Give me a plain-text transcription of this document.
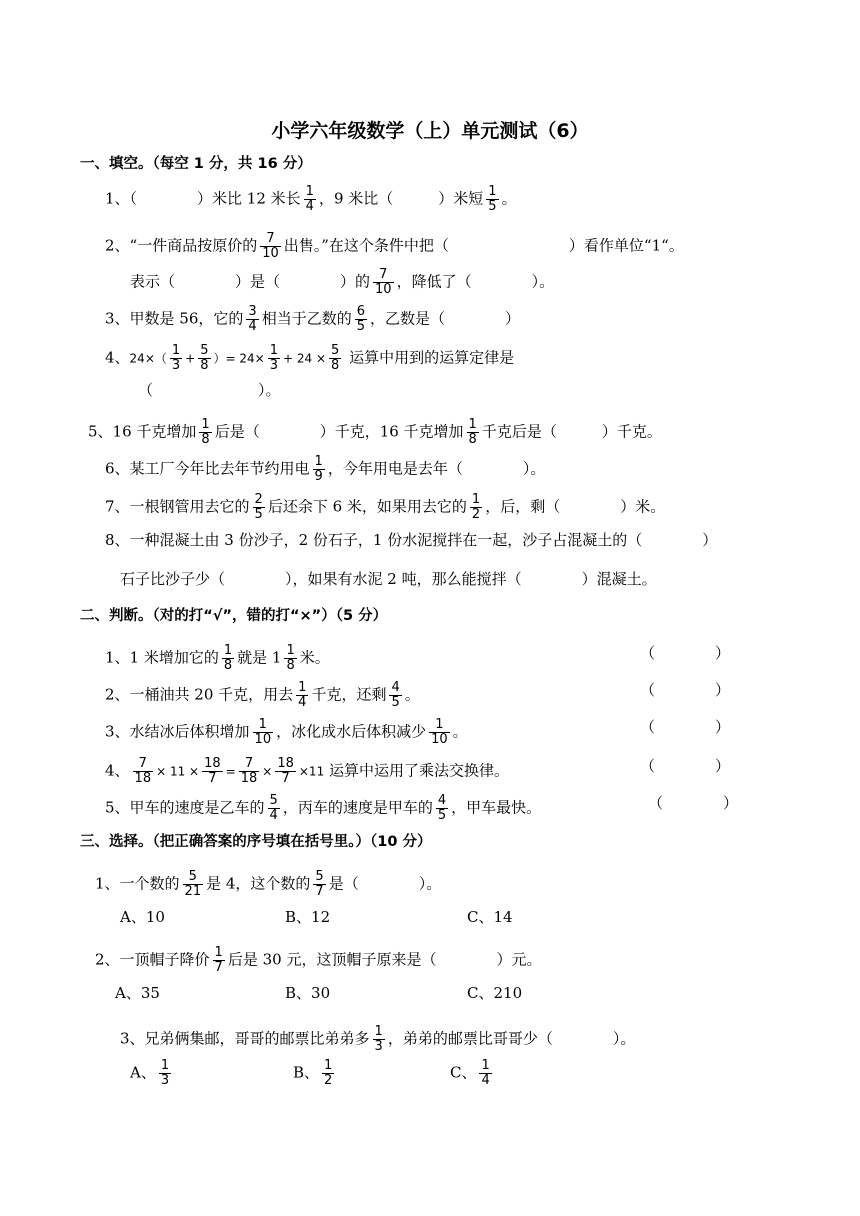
小学六年级数学（上）单元测试（6）
一、填空。（每空 1 分，共 16 分）
1、（　　　　）米比 12 米长 $\frac{1}{4}$ ，9 米比（　　　）米短 $\frac{1}{5}$ 。
2、“一件商品按原价的 $\frac{7}{10}$ 出售。”在这个条件中把（　　　　　　　　）看作单位“1“。
表示（　　　　）是（　　　　）的 $\frac{7}{10}$ ，降低了（　　　　）。
3、甲数是 56，它的 $\frac{3}{4}$ 相当于乙数的 $\frac{6}{5}$ ，乙数是（　　　　）
4、$24\times( \frac{1}{3} + \frac{5}{8}$ ）= $24\times \frac{1}{3} + 24 \times \frac{5}{8}$ 运算中用到的运算定律是
（　　　　　　　）。
5、16 千克增加 $\frac{1}{8}$ 后是（　　　　）千克，16 千克增加 $\frac{1}{8}$ 千克后是（　　　）千克。
6、某工厂今年比去年节约用电 $\frac{1}{9}$ ，今年用电是去年（　　　　）。
7、一根钢管用去它的 $\frac{2}{5}$ 后还余下 6 米，如果用去它的 $\frac{1}{2}$ ，后，剩（　　　　）米。
8、一种混凝土由 3 份沙子，2 份石子，1 份水泥搅拌在一起，沙子占混凝土的（　　　　）
石子比沙子少（　　　　），如果有水泥 2 吨，那么能搅拌（　　　　）混凝土。
二、判断。（对的打“√”，错的打“×”）（5 分）
1、1 米增加它的 $\frac{1}{8}$ 就是 $1 \frac{1}{8}$ 米。	（　　　　）
2、一桶油共 20 千克，用去 $\frac{1}{4}$ 千克，还剩 $\frac{4}{5}$ 。	（　　　　）
3、水结冰后体积增加 $\frac{1}{10}$ ，冰化成水后体积减少 $\frac{1}{10}$ 。	（　　　　）
4、 $\frac{7}{18} \times 11 \times \frac{18}{7} = \frac{7}{18} \times \frac{18}{7} \times 11$ 运算中运用了乘法交换律。	（　　　　）
5、甲车的速度是乙车的 $\frac{5}{4}$ ，丙车的速度是甲车的 $\frac{4}{5}$ ，甲车最快。	（　　　　）
三、选择。（把正确答案的序号填在括号里。）（10 分）
1、一个数的 $\frac{5}{21}$ 是 4，这个数的 $\frac{5}{7}$ 是（　　　　）。
A、10	B、12	C、14
2、一顶帽子降价 $\frac{1}{7}$ 后是 30 元，这顶帽子原来是（　　　　）元。
A、35	B、30	C、210
3、兄弟俩集邮，哥哥的邮票比弟弟多 $\frac{1}{3}$ ，弟弟的邮票比哥哥少（　　　　）。
A、 $\frac{1}{3}$	B、 $\frac{1}{2}$	C、 $\frac{1}{4}$
